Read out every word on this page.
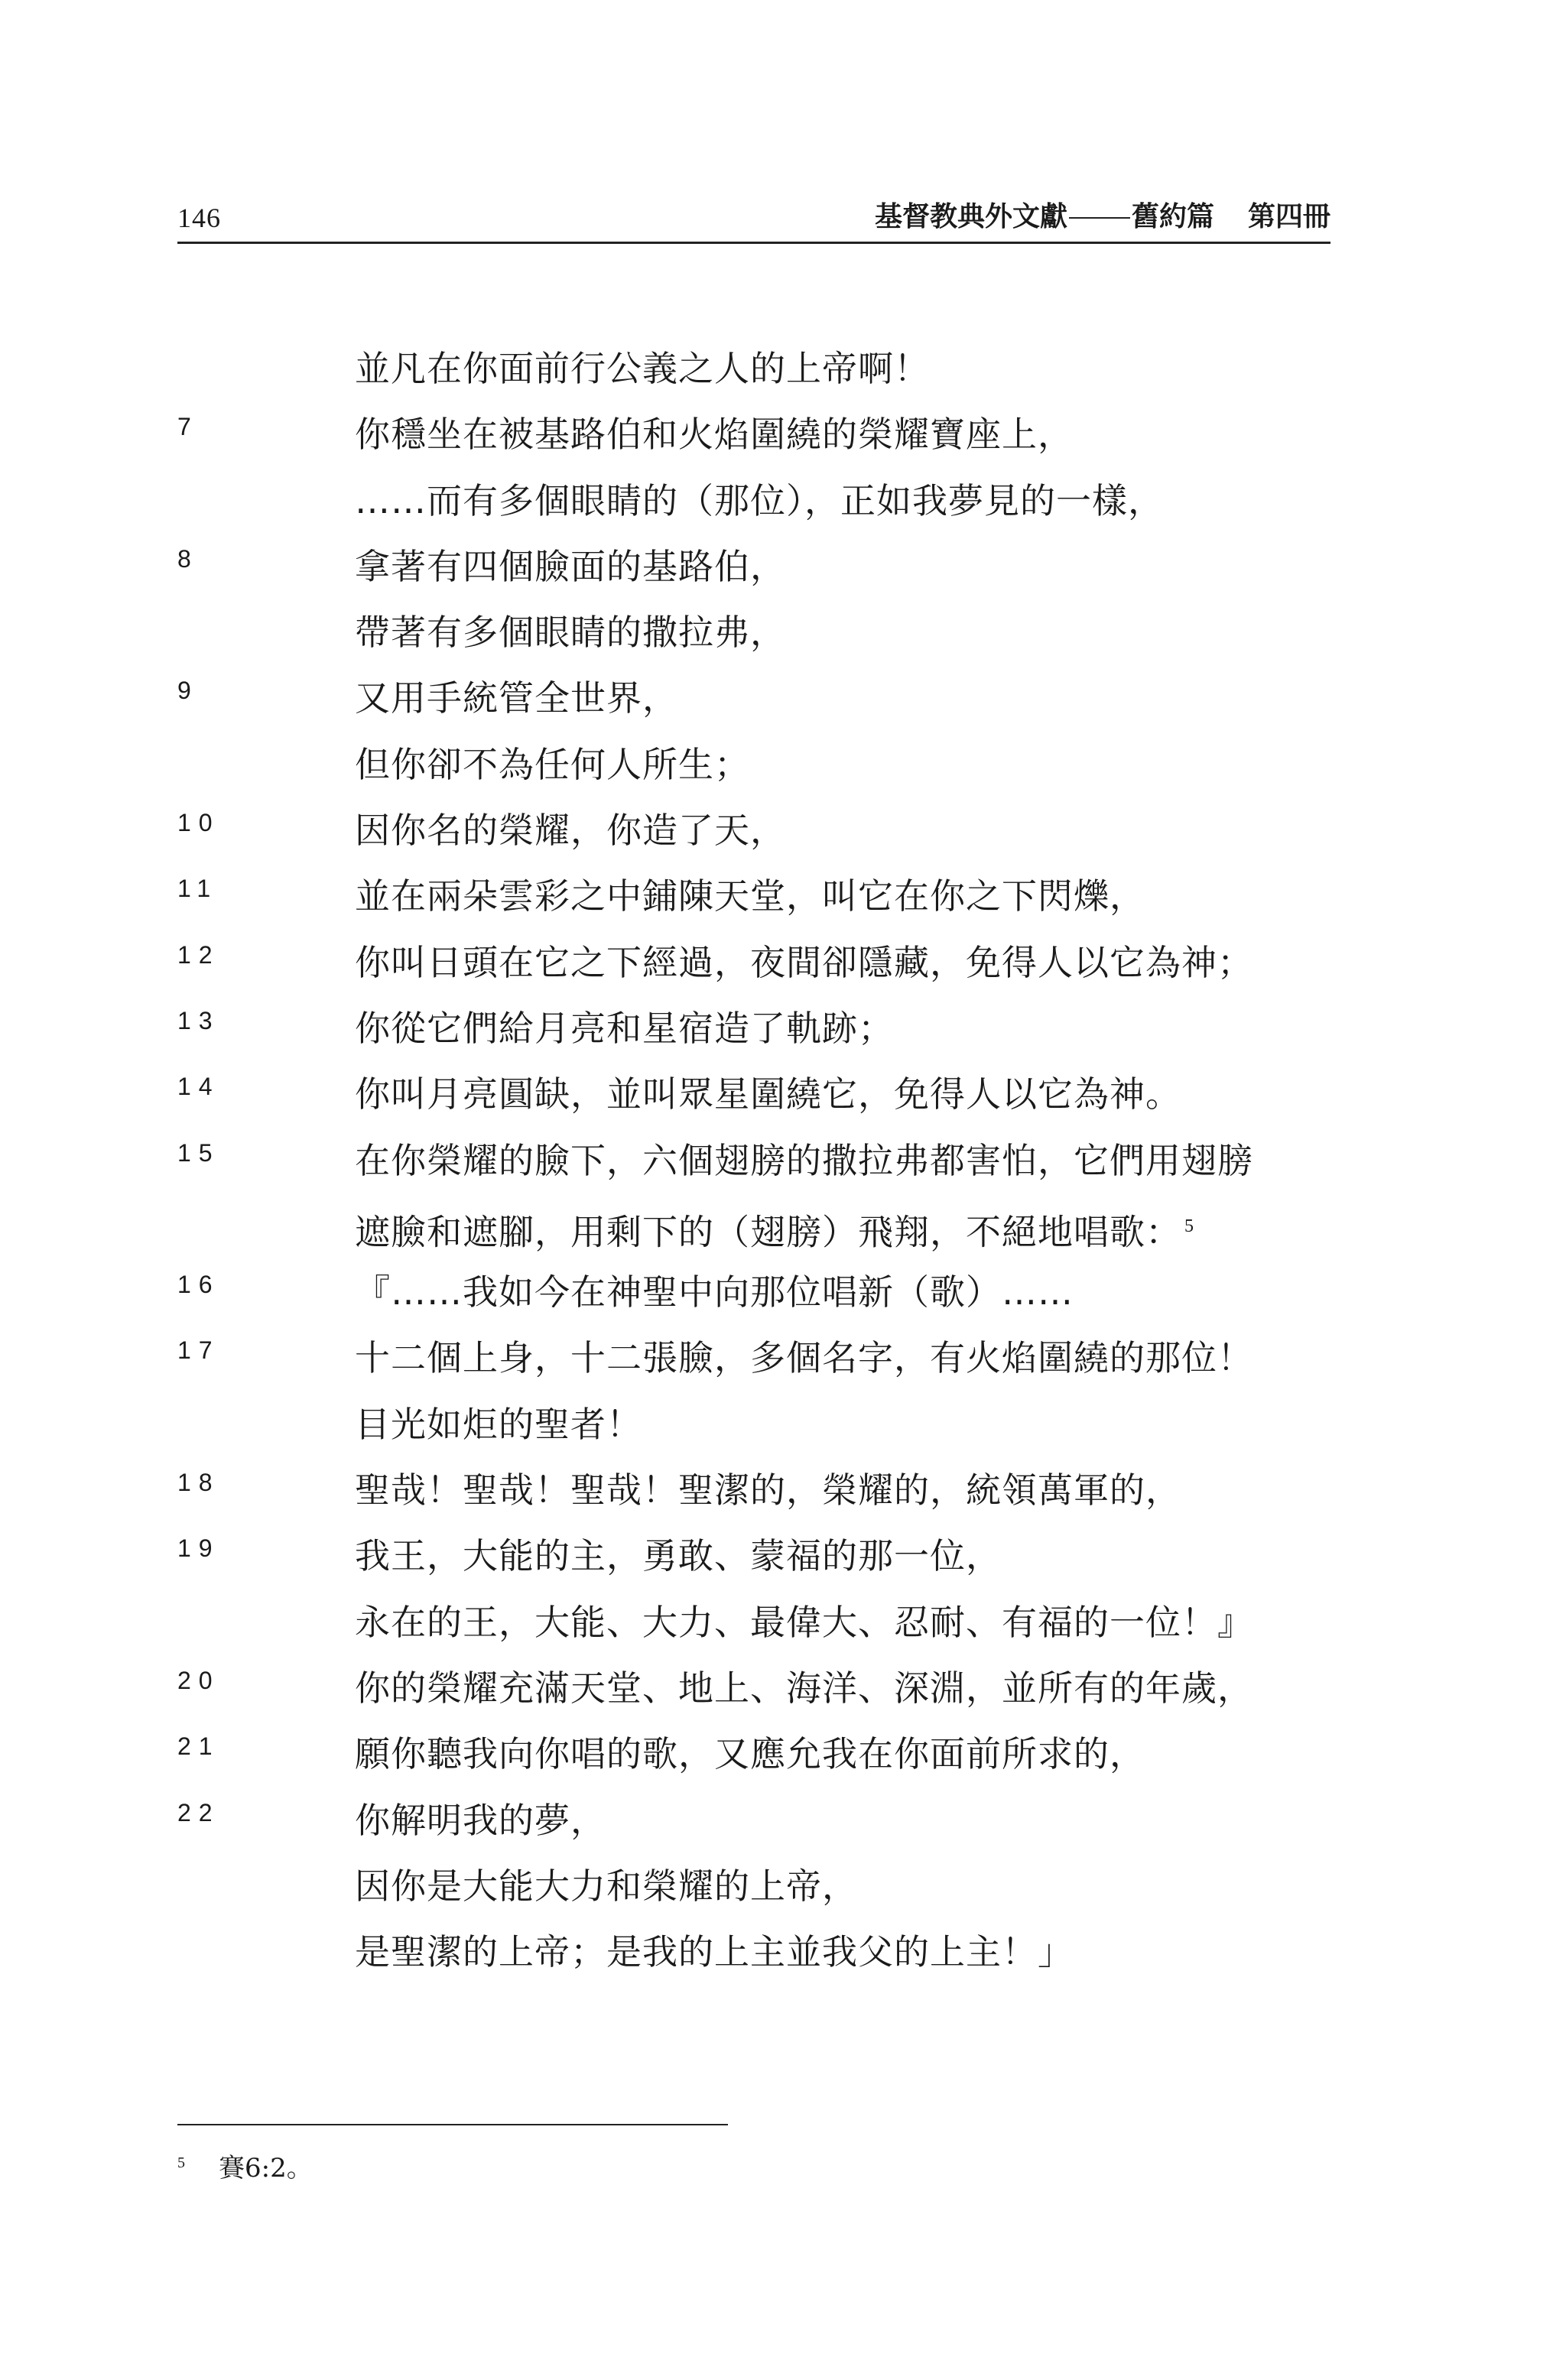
146	基督教典外文獻 舊約篇 第四冊
並凡在你面前行公義之人的上帝啊！
7	你穩坐在被基路伯和火焰圍繞的榮耀寶座上，
……而有多個眼睛的（那位），正如我夢見的一樣，
8	拿著有四個臉面的基路伯，
帶著有多個眼睛的撒拉弗，
9	又用手統管全世界，
但你卻不為任何人所生；
10	因你名的榮耀，你造了天，
11	並在兩朵雲彩之中鋪陳天堂，叫它在你之下閃爍，
12	你叫日頭在它之下經過，夜間卻隱藏，免得人以它為神；
13	你從它們給月亮和星宿造了軌跡；
14	你叫月亮圓缺，並叫眾星圍繞它，免得人以它為神。
15	在你榮耀的臉下，六個翅膀的撒拉弗都害怕，它們用翅膀
遮臉和遮腳，用剩下的（翅膀）飛翔，不絕地唱歌： $^5$
16	『……我如今在神聖中向那位唱新（歌）……
17	十二個上身，十二張臉，多個名字，有火焰圍繞的那位！
目光如炬的聖者！
18	聖哉！聖哉！聖哉！聖潔的，榮耀的，統領萬軍的，
19	我王，大能的主，勇敢、蒙福的那一位，
永在的王，大能、大力、最偉大、忍耐、有福的一位！』
20	你的榮耀充滿天堂、地上、海洋、深淵，並所有的年歲，
21	願你聽我向你唱的歌，又應允我在你面前所求的，
22	你解明我的夢，
因你是大能大力和榮耀的上帝，
是聖潔的上帝；是我的上主並我父的上主！」
$^5$ 賽6:2。
